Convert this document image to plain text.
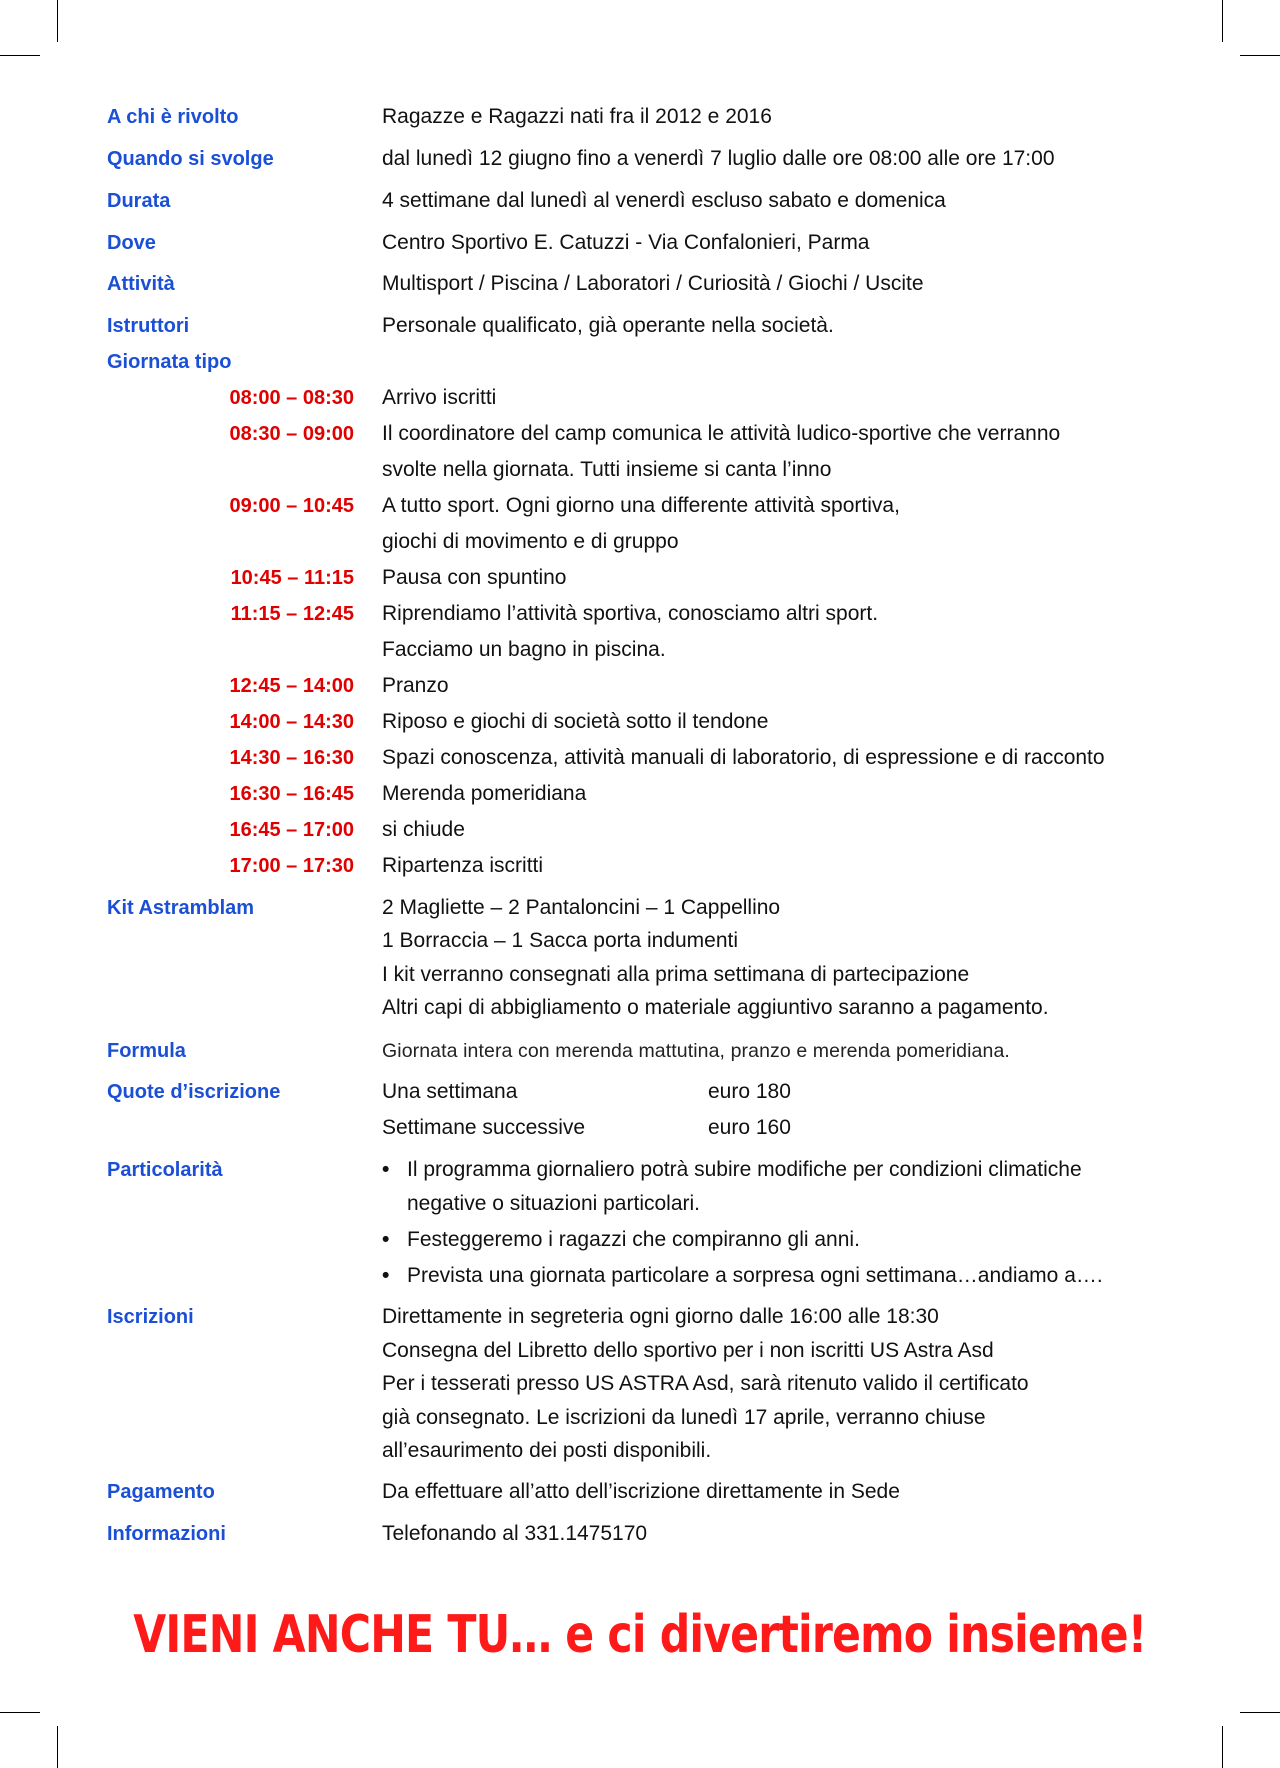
A chi è rivolto	Ragazze e Ragazzi nati fra il 2012 e 2016
Quando si svolge	dal lunedì 12 giugno fino a venerdì 7 luglio dalle ore 08:00 alle ore 17:00
Durata	4 settimane dal lunedì al venerdì escluso sabato e domenica
Dove	Centro Sportivo E. Catuzzi - Via Confalonieri, Parma
Attività	Multisport / Piscina / Laboratori / Curiosità / Giochi / Uscite
Istruttori	Personale qualificato, già operante nella società.
Giornata tipo
08:00 – 08:30 Arrivo iscritti
08:30 – 09:00 Il coordinatore del camp comunica le attività ludico-sportive che verranno
svolte nella giornata. Tutti insieme si canta l’inno
09:00 – 10:45 A tutto sport. Ogni giorno una differente attività sportiva,
giochi di movimento e di gruppo
10:45 – 11:15 Pausa con spuntino
11:15 – 12:45 Riprendiamo l’attività sportiva, conosciamo altri sport.
Facciamo un bagno in piscina.
12:45 – 14:00 Pranzo
14:00 – 14:30 Riposo e giochi di società sotto il tendone
14:30 – 16:30 Spazi conoscenza, attività manuali di laboratorio, di espressione e di racconto
16:30 – 16:45 Merenda pomeridiana
16:45 – 17:00 si chiude
17:00 – 17:30 Ripartenza iscritti
Kit Astramblam	2 Magliette – 2 Pantaloncini – 1 Cappellino
1 Borraccia – 1 Sacca porta indumenti
I kit verranno consegnati alla prima settimana di partecipazione
Altri capi di abbigliamento o materiale aggiuntivo saranno a pagamento.
Formula	Giornata intera con merenda mattutina, pranzo e merenda pomeridiana.
Quote d’iscrizione	Una settimana	euro 180
Settimane successive	euro 160
Particolarità	• Il programma giornaliero potrà subire modifiche per condizioni climatiche
negative o situazioni particolari.
• Festeggeremo i ragazzi che compiranno gli anni.
• Prevista una giornata particolare a sorpresa ogni settimana…andiamo a….
Iscrizioni	Direttamente in segreteria ogni giorno dalle 16:00 alle 18:30
Consegna del Libretto dello sportivo per i non iscritti US Astra Asd
Per i tesserati presso US ASTRA Asd, sarà ritenuto valido il certificato
già consegnato. Le iscrizioni da lunedì 17 aprile, verranno chiuse
all’esaurimento dei posti disponibili.
Pagamento	Da effettuare all’atto dell’iscrizione direttamente in Sede
Informazioni	Telefonando al 331.1475170
VIENI ANCHE TU… e ci divertiremo insieme!
